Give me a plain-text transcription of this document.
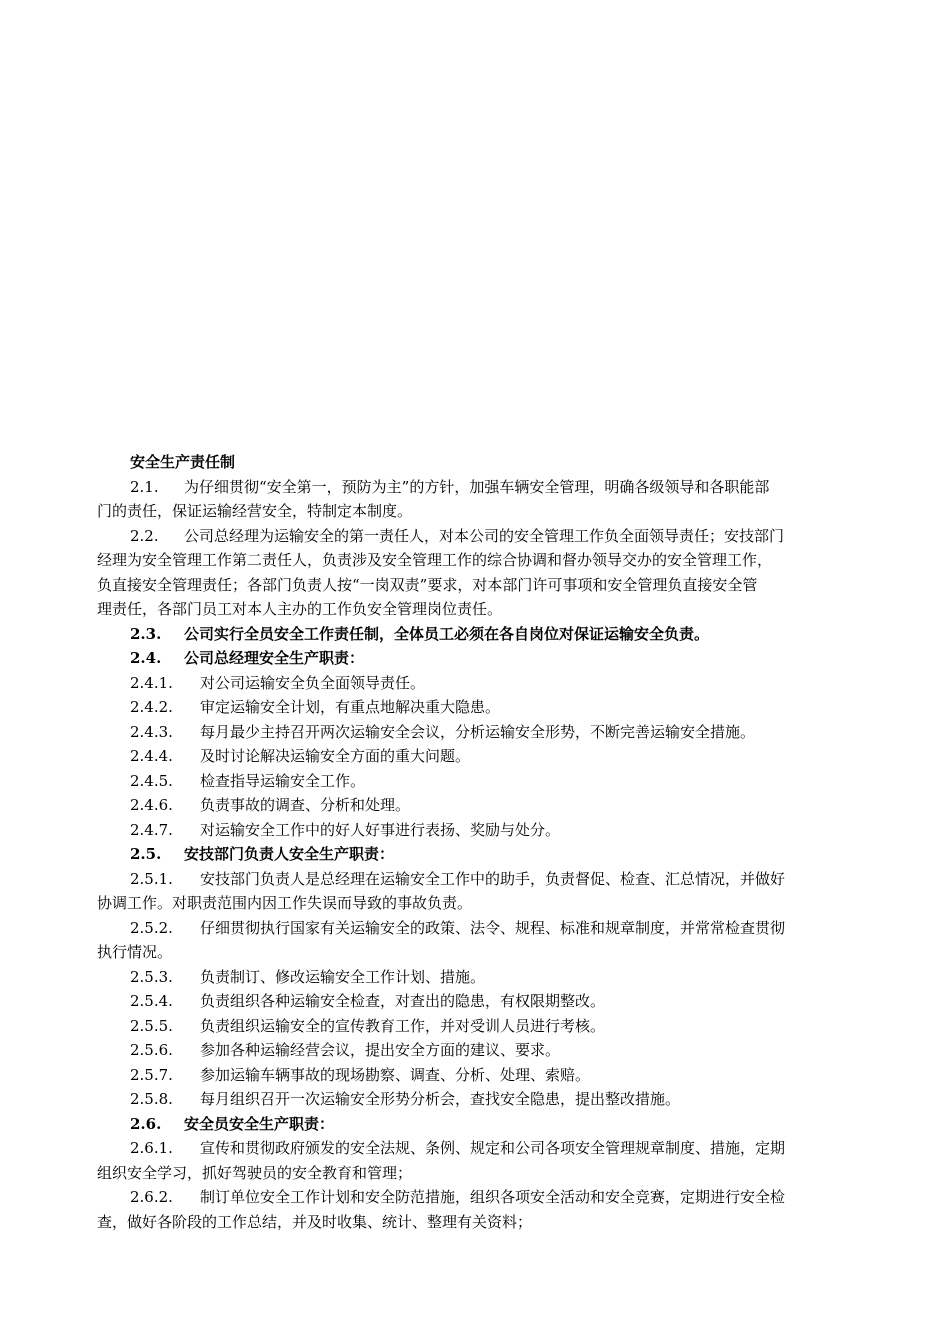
安全生产责任制
2.1. 为仔细贯彻“安全第一，预防为主”的方针，加强车辆安全管理，明确各级领导和各职能部
门的责任，保证运输经营安全，特制定本制度。
2.2. 公司总经理为运输安全的第一责任人，对本公司的安全管理工作负全面领导责任；安技部门
经理为安全管理工作第二责任人，负责涉及安全管理工作的综合协调和督办领导交办的安全管理工作，
负直接安全管理责任；各部门负责人按“一岗双责”要求，对本部门许可事项和安全管理负直接安全管
理责任，各部门员工对本人主办的工作负安全管理岗位责任。
2.3. 公司实行全员安全工作责任制，全体员工必须在各自岗位对保证运输安全负责。
2.4. 公司总经理安全生产职责：
2.4.1. 对公司运输安全负全面领导责任。
2.4.2. 审定运输安全计划，有重点地解决重大隐患。
2.4.3. 每月最少主持召开两次运输安全会议，分析运输安全形势，不断完善运输安全措施。
2.4.4. 及时讨论解决运输安全方面的重大问题。
2.4.5. 检查指导运输安全工作。
2.4.6. 负责事故的调查、分析和处理。
2.4.7. 对运输安全工作中的好人好事进行表扬、奖励与处分。
2.5. 安技部门负责人安全生产职责：
2.5.1. 安技部门负责人是总经理在运输安全工作中的助手，负责督促、检查、汇总情况，并做好
协调工作。对职责范围内因工作失误而导致的事故负责。
2.5.2. 仔细贯彻执行国家有关运输安全的政策、法令、规程、标准和规章制度，并常常检查贯彻
执行情况。
2.5.3. 负责制订、修改运输安全工作计划、措施。
2.5.4. 负责组织各种运输安全检查，对查出的隐患，有权限期整改。
2.5.5. 负责组织运输安全的宣传教育工作，并对受训人员进行考核。
2.5.6. 参加各种运输经营会议，提出安全方面的建议、要求。
2.5.7. 参加运输车辆事故的现场勘察、调查、分析、处理、索赔。
2.5.8. 每月组织召开一次运输安全形势分析会，查找安全隐患，提出整改措施。
2.6. 安全员安全生产职责：
2.6.1. 宣传和贯彻政府颁发的安全法规、条例、规定和公司各项安全管理规章制度、措施，定期
组织安全学习，抓好驾驶员的安全教育和管理；
2.6.2. 制订单位安全工作计划和安全防范措施，组织各项安全活动和安全竞赛，定期进行安全检
查，做好各阶段的工作总结，并及时收集、统计、整理有关资料；
